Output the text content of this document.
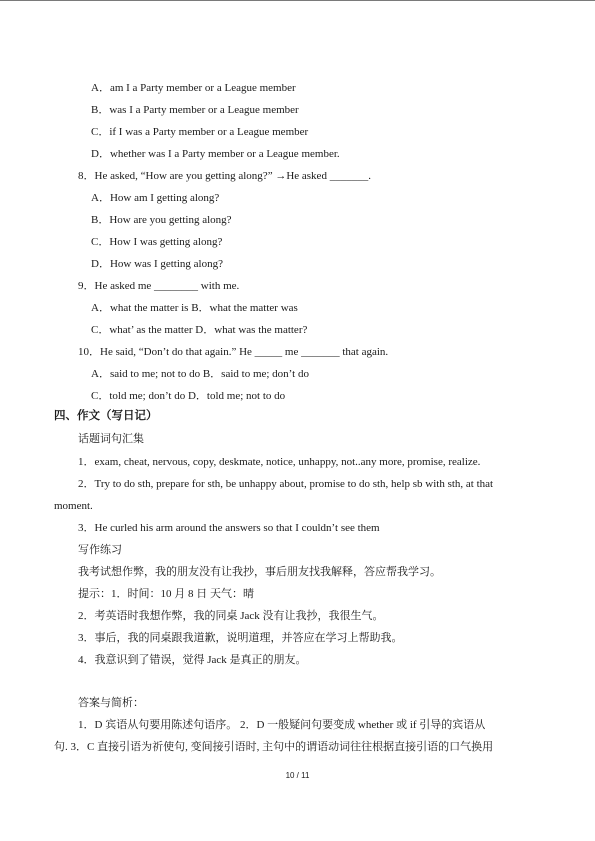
A．am I a Party member or a League member
B．was I a Party member or a League member
C．if I was a Party member or a League member
D．whether was I a Party member or a League member.
8．He asked, “How are you getting along?” →He asked _______.
A．How am I getting along?
B．How are you getting along?
C．How I was getting along?
D．How was I getting along?
9．He asked me ________ with me.
A．what the matter is B．what the matter was
C．what’ as the matter D．what was the matter?
10．He said, “Don’t do that again.” He _____ me _______ that again.
A．said to me; not to do B．said to me; don’t do
C．told me; don’t do D．told me; not to do
四、作文（写日记）
话题词句汇集
1．exam, cheat, nervous, copy, deskmate, notice, unhappy, not..any more, promise, realize.
2．Try to do sth, prepare for sth, be unhappy about, promise to do sth, help sb with sth, at that
moment.
3．He curled his arm around the answers so that I couldn’t see them
写作练习
我考试想作弊，我的朋友没有让我抄，事后朋友找我解释，答应帮我学习。
提示：1．时间：10 月 8 日 天气：晴
2．考英语时我想作弊，我的同桌 Jack 没有让我抄，我很生气。
3．事后，我的同桌跟我道歉，说明道理，并答应在学习上帮助我。
4．我意识到了错误，觉得 Jack 是真正的朋友。
答案与简析：
1．D 宾语从句要用陈述句语序。 2．D 一般疑问句要变成 whether 或 if 引导的宾语从
句. 3．C 直接引语为祈使句, 变间接引语时, 主句中的谓语动词往往根据直接引语的口气换用
10 / 11
